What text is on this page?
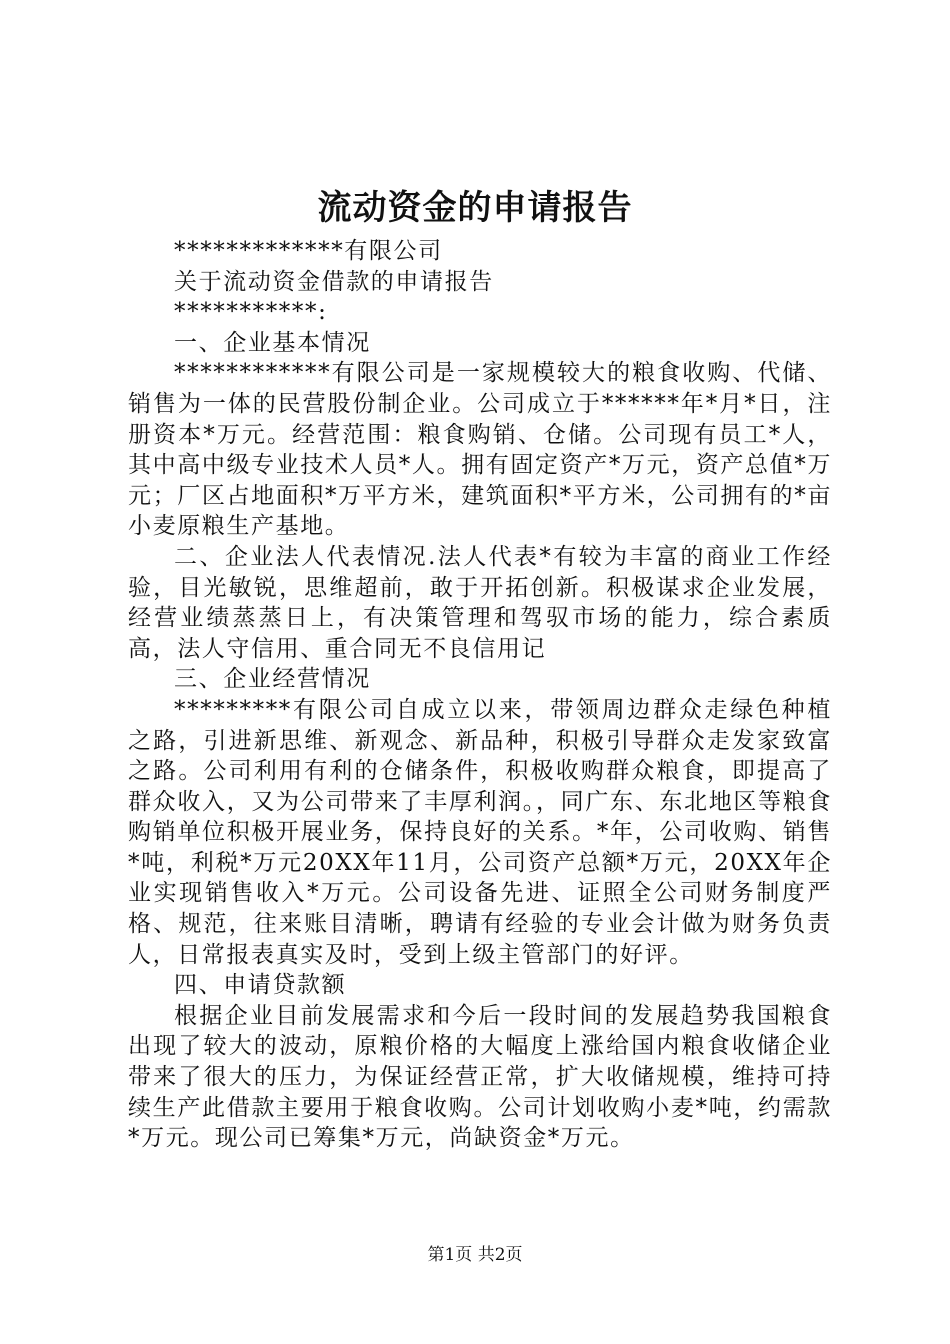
流动资金的申请报告

*************有限公司

关于流动资金借款的申请报告

***********:

一、企业基本情况

************有限公司是一家规模较大的粮食收购、代储、销售为一体的民营股份制企业。公司成立于******年*月*日，注册资本*万元。经营范围：粮食购销、仓储。公司现有员工*人，其中高中级专业技术人员*人。拥有固定资产*万元，资产总值*万元；厂区占地面积*万平方米，建筑面积*平方米，公司拥有的*亩小麦原粮生产基地。

二、企业法人代表情况.法人代表*有较为丰富的商业工作经验，目光敏锐，思维超前，敢于开拓创新。积极谋求企业发展，经营业绩蒸蒸日上，有决策管理和驾驭市场的能力，综合素质高，法人守信用、重合同无不良信用记

三、企业经营情况

*********有限公司自成立以来，带领周边群众走绿色种植之路，引进新思维、新观念、新品种，积极引导群众走发家致富之路。公司利用有利的仓储条件，积极收购群众粮食，即提高了群众收入，又为公司带来了丰厚利润。，同广东、东北地区等粮食购销单位积极开展业务，保持良好的关系。*年，公司收购、销售*吨，利税*万元20XX年11月，公司资产总额*万元，20XX年企业实现销售收入*万元。公司设备先进、证照全公司财务制度严格、规范，往来账目清晰，聘请有经验的专业会计做为财务负责人，日常报表真实及时，受到上级主管部门的好评。

四、申请贷款额

根据企业目前发展需求和今后一段时间的发展趋势我国粮食出现了较大的波动，原粮价格的大幅度上涨给国内粮食收储企业带来了很大的压力，为保证经营正常，扩大收储规模，维持可持续生产此借款主要用于粮食收购。公司计划收购小麦*吨，约需款*万元。现公司已筹集*万元，尚缺资金*万元。

第1页 共2页
